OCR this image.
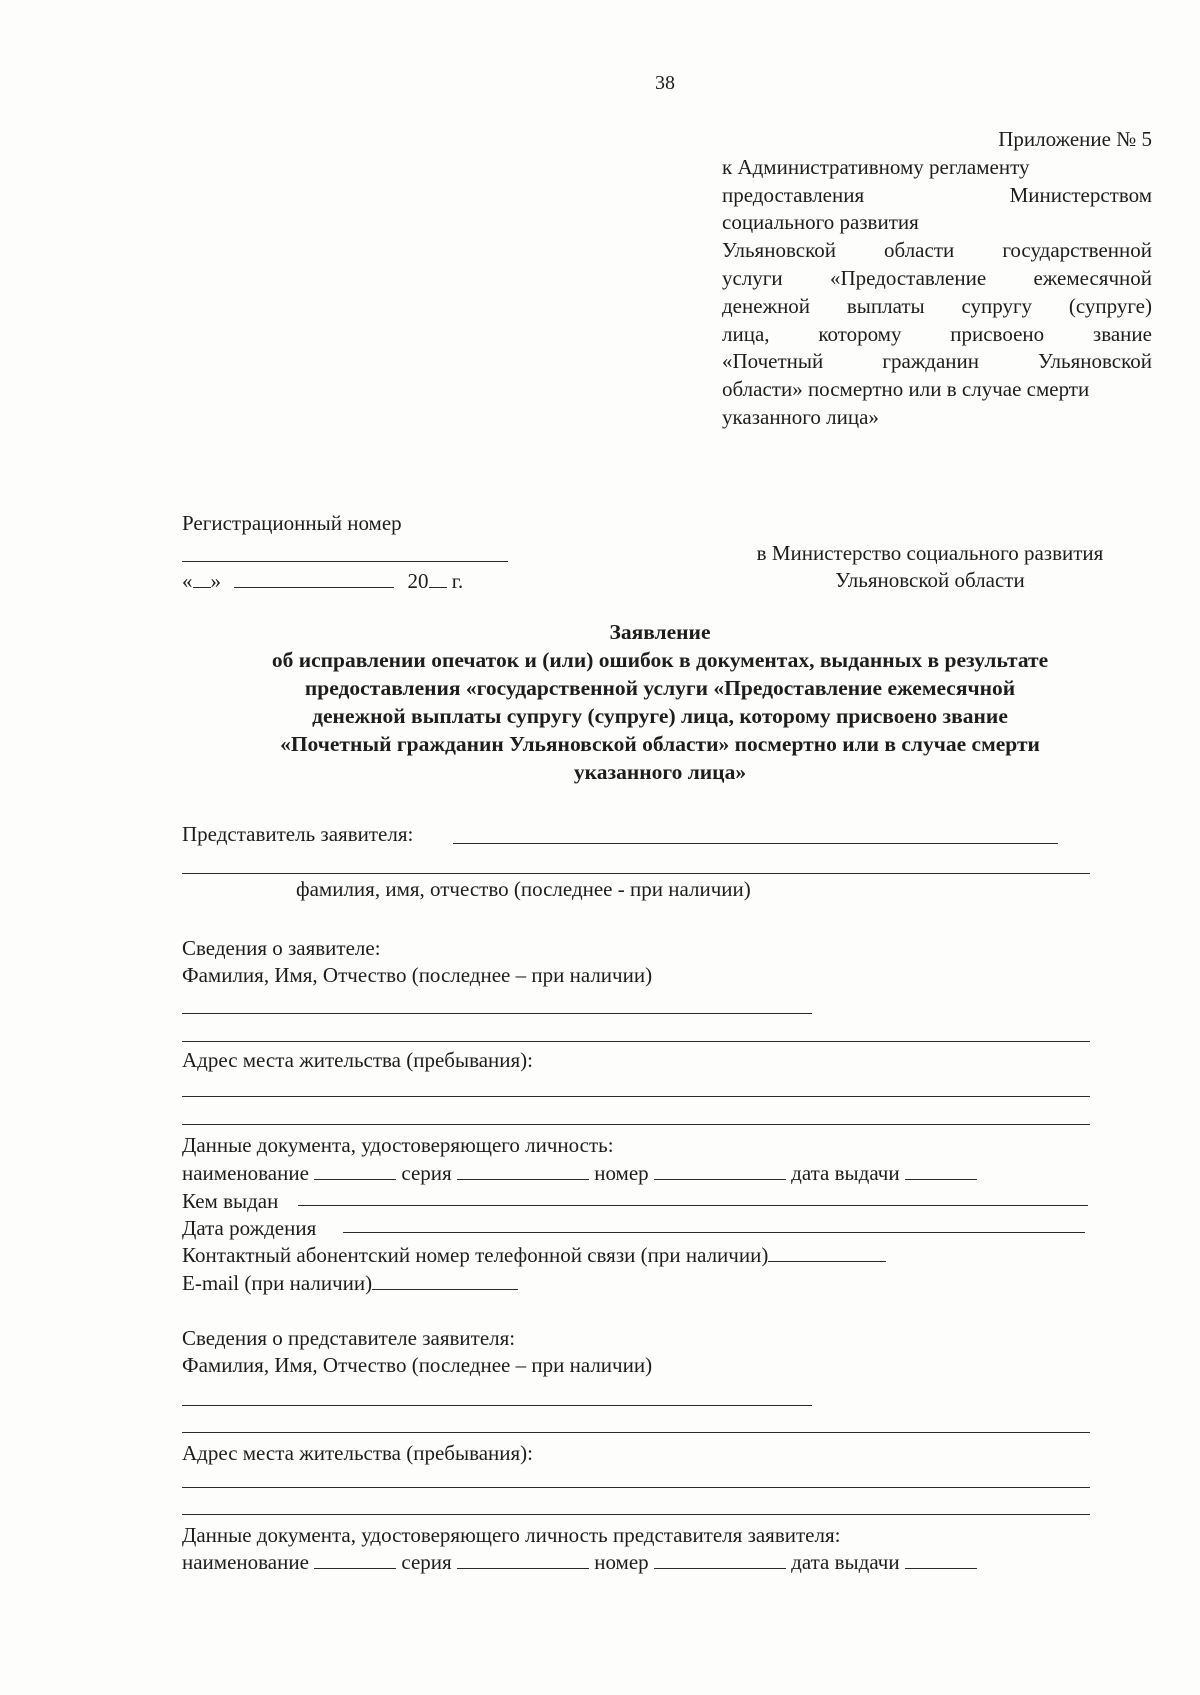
38
Приложение № 5
к Административному регламенту
предоставления	Министерством
социального развития
Ульяновской области государственной
услуги «Предоставление ежемесячной
денежной выплаты супругу (супруге)
лица, которому присвоено звание
«Почетный	гражданин	Ульяновской
области» посмертно или в случае смерти
указанного лица»
Регистрационный номер
« »	20 г.
в Министерство социального развития
Ульяновской области
Заявление
об исправлении опечаток и (или) ошибок в документах, выданных в результате
предоставления «государственной услуги «Предоставление ежемесячной
денежной выплаты супругу (супруге) лица, которому присвоено звание
«Почетный гражданин Ульяновской области» посмертно или в случае смерти
указанного лица»
Представитель заявителя:
фамилия, имя, отчество (последнее - при наличии)
Сведения о заявителе:
Фамилия, Имя, Отчество (последнее – при наличии)
Адрес места жительства (пребывания):
Данные документа, удостоверяющего личность:
наименование	серия	номер	дата выдачи
Кем выдан
Дата рождения
Контактный абонентский номер телефонной связи (при наличии)
E-mail (при наличии)
Сведения о представителе заявителя:
Фамилия, Имя, Отчество (последнее – при наличии)
Адрес места жительства (пребывания):
Данные документа, удостоверяющего личность представителя заявителя:
наименование	серия	номер	дата выдачи
